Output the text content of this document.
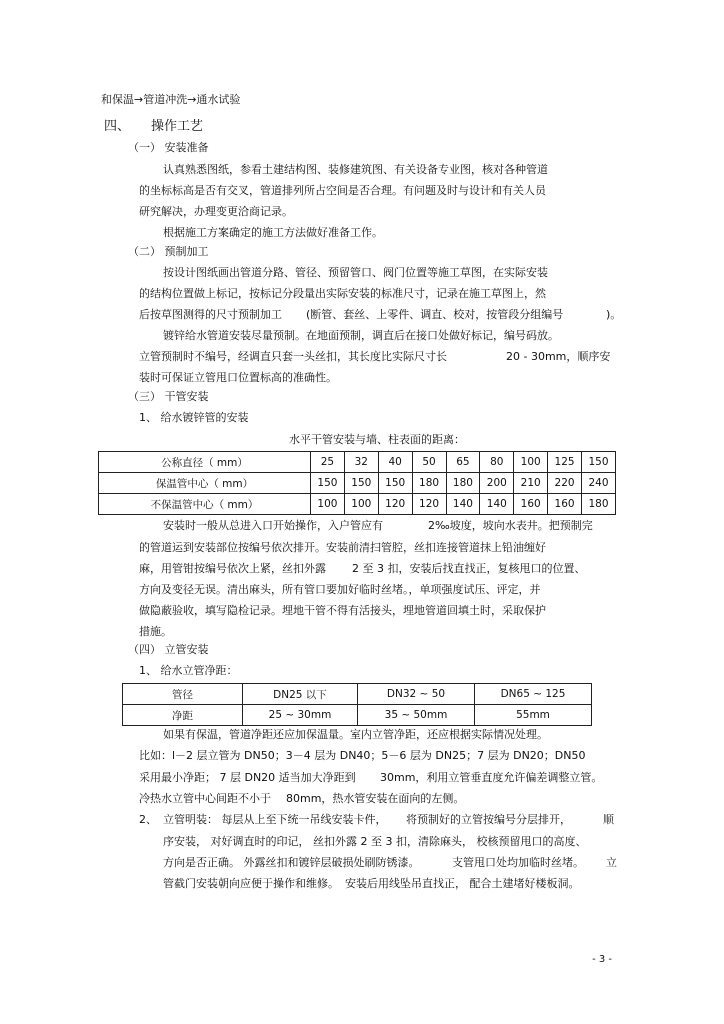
和保温→管道冲洗→通水试验
四、 操作工艺
（一） 安装准备
认真熟悉图纸，参看土建结构图、装修建筑图、有关设备专业图，核对各种管道
的坐标标高是否有交叉，管道排列所占空间是否合理。有问题及时与设计和有关人员
研究解决，办理变更洽商记录。
根据施工方案确定的施工方法做好准备工作。
（二） 预制加工
按设计图纸画出管道分路、管径、预留管口、阀门位置等施工草图，在实际安装
的结构位置做上标记，按标记分段量出实际安装的标准尺寸，记录在施工草图上，然
后按草图测得的尺寸预制加工 (断管、套丝、上零件、调直、校对，按管段分组编号	)。
镀锌给水管道安装尽量预制。在地面预制，调直后在接口处做好标记，编号码放。
立管预制时不编号，经调直只套一头丝扣，其长度比实际尺寸长	20 - 30mm，顺序安
装时可保证立管甩口位置标高的准确性。
（三） 干管安装
1、 给水镀锌管的安装
水平干管安装与墙、柱表面的距离：
公称直径（ mm）	25	32	40	50	65	80	100	125	150
保温管中心（ mm）	150	150	150	180	180	200	210	220	240
不保温管中心（ mm）	100	100	120	120	140	140	160	160	180
安装时一般从总进入口开始操作，入户管应有	2‰坡度，坡向水表井。把预制完
的管道运到安装部位按编号依次排开。安装前清扫管腔，丝扣连接管道抹上铅油缠好
麻，用管钳按编号依次上紧，丝扣外露 2 至 3 扣，安装后找直找正，复核甩口的位置、
方向及变径无误。清出麻头，所有管口要加好临时丝堵。，单项强度试压、评定，并
做隐蔽验收，填写隐检记录。埋地干管不得有活接头，埋地管道回填土时，采取保护
措施。
（四） 立管安装
1、 给水立管净距：
管径	DN25 以下	DN32 ~ 50	DN65 ~ 125
净距	25 ~ 30mm	35 ~ 50mm	55mm
如果有保温，管道净距还应加保温量。室内立管净距，还应根据实际情况处理。
比如：l－2 层立管为 DN50；3－4 层为 DN40；5－6 层为 DN25；7 层为 DN20；DN50
采用最小净距； 7 层 DN20 适当加大净距到 30mm，利用立管垂直度允许偏差调整立管。
冷热水立管中心间距不小于 80mm，热水管安装在面向的左侧。
2、 立管明装： 每层从上至下统一吊线安装卡件， 将预制好的立管按编号分层排开，	顺
序安装， 对好调直时的印记， 丝扣外露 2 至 3 扣，清除麻头， 校核预留甩口的高度、
方向是否正确。 外露丝扣和镀锌层破损处刷防锈漆。	支管甩口处均加临时丝堵。 立
管截门安装朝向应便于操作和维修。 安装后用线坠吊直找正， 配合土建堵好楼板洞。
- 3 -
